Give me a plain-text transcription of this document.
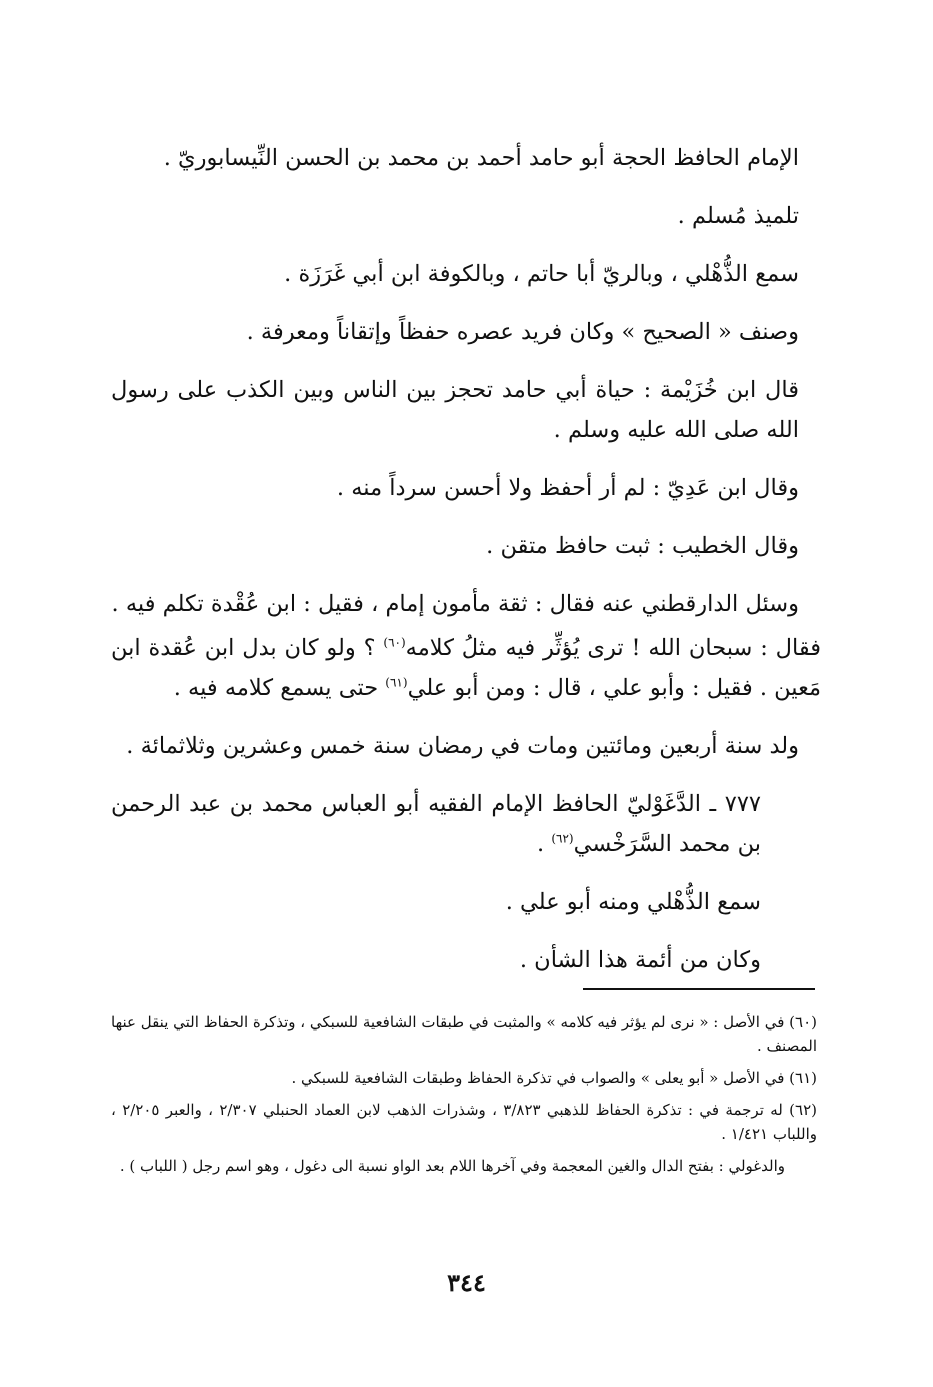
الإمام الحافظ الحجة أبو حامد أحمد بن محمد بن الحسن النِّيسابوريّ .

تلميذ مُسلم .

سمع الذُّهْلي ، وبالريّ أبا حاتم ، وبالكوفة ابن أبي غَرَزَة .

وصنف « الصحيح » وكان فريد عصره حفظاً وإتقاناً ومعرفة .

قال ابن خُزَيْمة : حياة أبي حامد تحجز بين الناس وبين الكذب على رسول الله صلى الله عليه وسلم .

وقال ابن عَدِيّ : لم أر أحفظ ولا أحسن سرداً منه .

وقال الخطيب : ثبت حافظ متقن .

وسئل الدارقطني عنه فقال : ثقة مأمون إمام ، فقيل : ابن عُقْدة تكلم فيه .

فقال : سبحان الله ! ترى يُؤثِّر فيه مثلُ كلامه$^{(٦٠)}$ ؟ ولو كان بدل ابن عُقدة ابن مَعين . فقيل : وأبو علي ، قال : ومن أبو علي$^{(٦١)}$ حتى يسمع كلامه فيه .

ولد سنة أربعين ومائتين ومات في رمضان سنة خمس وعشرين وثلاثمائة .

٧٧٧ ـ الدَّغَوْليّ الحافظ الإمام الفقيه أبو العباس محمد بن عبد الرحمن بن محمد السَّرَخْسي$^{(٦٢)}$ .

سمع الذُّهْلي ومنه أبو علي .

وكان من أئمة هذا الشأن .

(٦٠) في الأصل : « نرى لم يؤثر فيه كلامه » والمثبت في طبقات الشافعية للسبكي ، وتذكرة الحفاظ التي ينقل عنها المصنف .

(٦١) في الأصل « أبو يعلى » والصواب في تذكرة الحفاظ وطبقات الشافعية للسبكي .

(٦٢) له ترجمة في : تذكرة الحفاظ للذهبي ٣/٨٢٣ ، وشذرات الذهب لابن العماد الحنبلي ٢/٣٠٧ ، والعبر ٢/٢٠٥ ، واللباب ١/٤٢١ .

والدغولي : بفتح الدال والغين المعجمة وفي آخرها اللام بعد الواو نسبة الى دغول ، وهو اسم رجل ( اللباب ) .

٣٤٤
